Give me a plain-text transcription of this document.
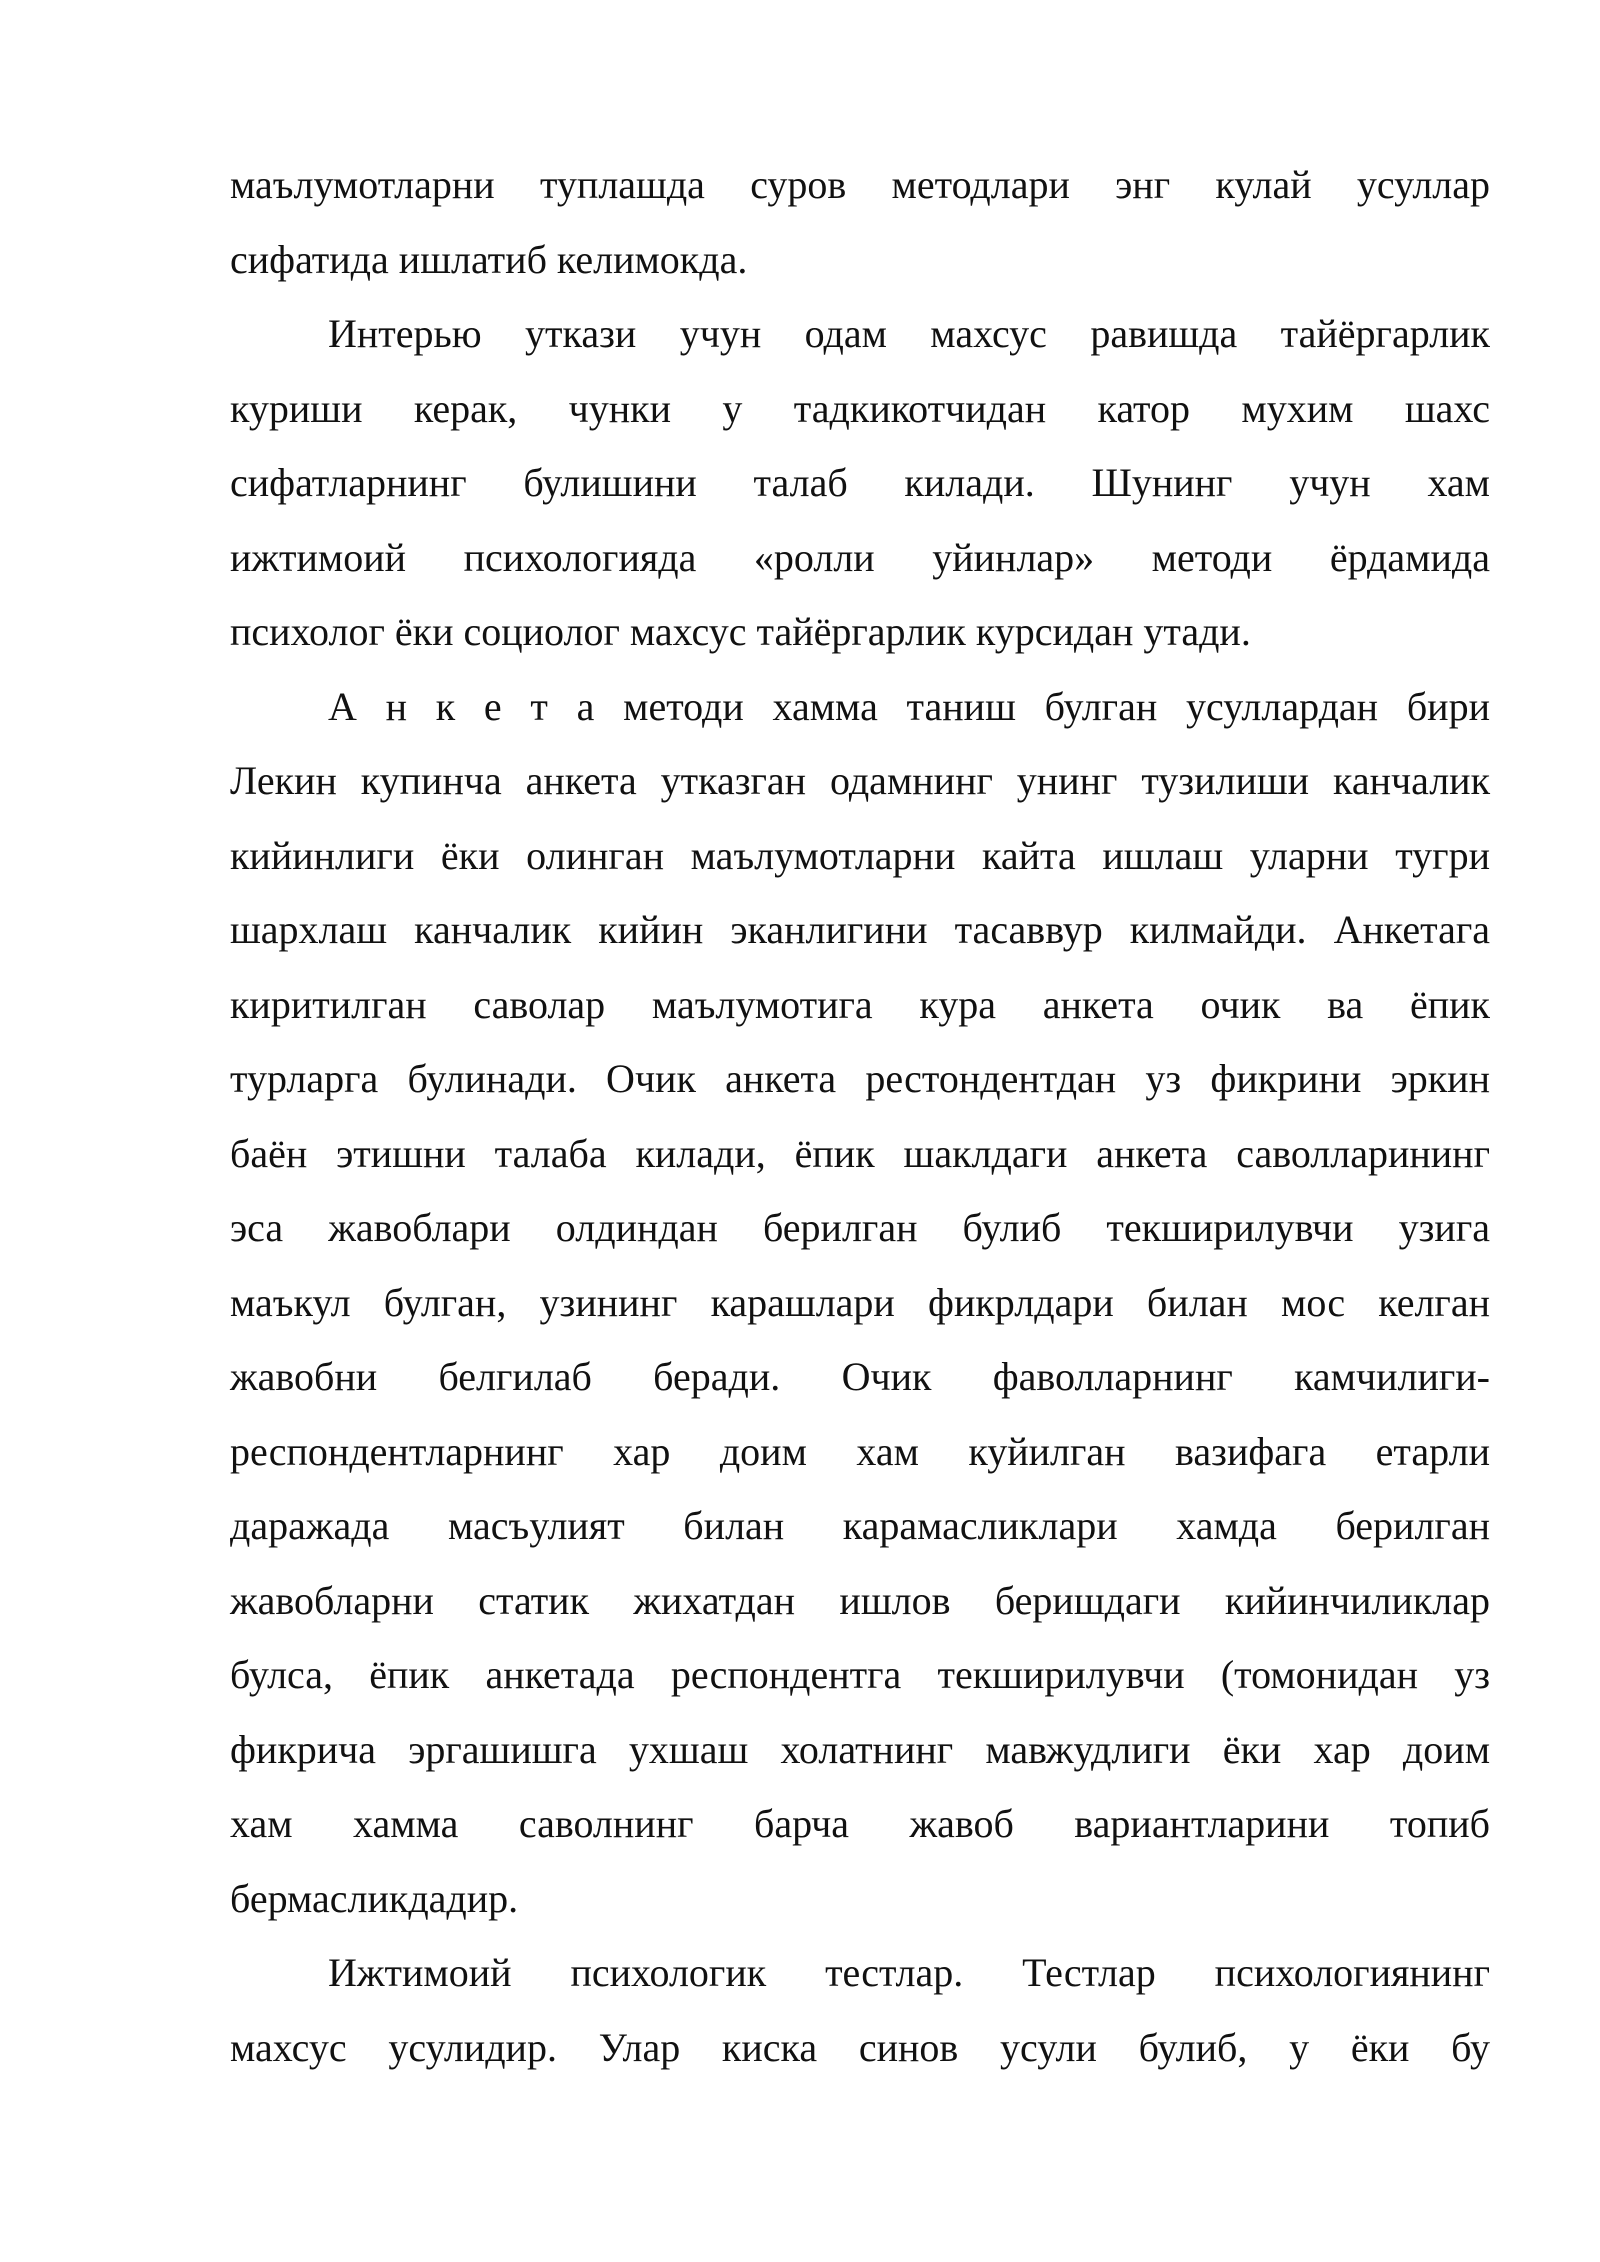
маълумотларни туплашда суров методлари энг кулай усуллар
сифатида ишлатиб келимокда.

Интерью уткази учун одам махсус равишда тайёргарлик
куриши керак, чунки у тадкикотчидан катор мухим шахс
сифатларнинг булишини талаб килади. Шунинг учун хам
ижтимоий психологияда «ролли уйинлар» методи ёрдамида
психолог ёки социолог махсус тайёргарлик курсидан утади.

А н к е т а методи хамма таниш булган усуллардан бири
Лекин купинча анкета утказган одамнинг унинг тузилиши канчалик
кийинлиги ёки олинган маълумотларни кайта ишлаш уларни тугри
шархлаш канчалик кийин эканлигини тасаввур килмайди. Анкетага
киритилган саволар маълумотига кура анкета очик ва ёпик
турларга булинади. Очик анкета рестондентдан уз фикрини эркин
баён этишни талаба килади, ёпик шаклдаги анкета саволларининг
эса жавоблари олдиндан берилган булиб текширилувчи узига
маъкул булган, узининг карашлари фикрлдари билан мос келган
жавобни белгилаб беради. Очик фаволларнинг камчилиги-
респондентларнинг хар доим хам куйилган вазифага етарли
даражада масъулият билан карамасликлари хамда берилган
жавобларни статик жихатдан ишлов беришдаги кийинчиликлар
булса, ёпик анкетада респондентга текширилувчи (томонидан уз
фикрича эргашишга ухшаш холатнинг мавжудлиги ёки хар доим
хам хамма саволнинг барча жавоб вариантларини топиб
бермасликдадир.

Ижтимоий психологик тестлар. Тестлар психологиянинг
махсус усулидир. Улар киска синов усули булиб, у ёки бу
